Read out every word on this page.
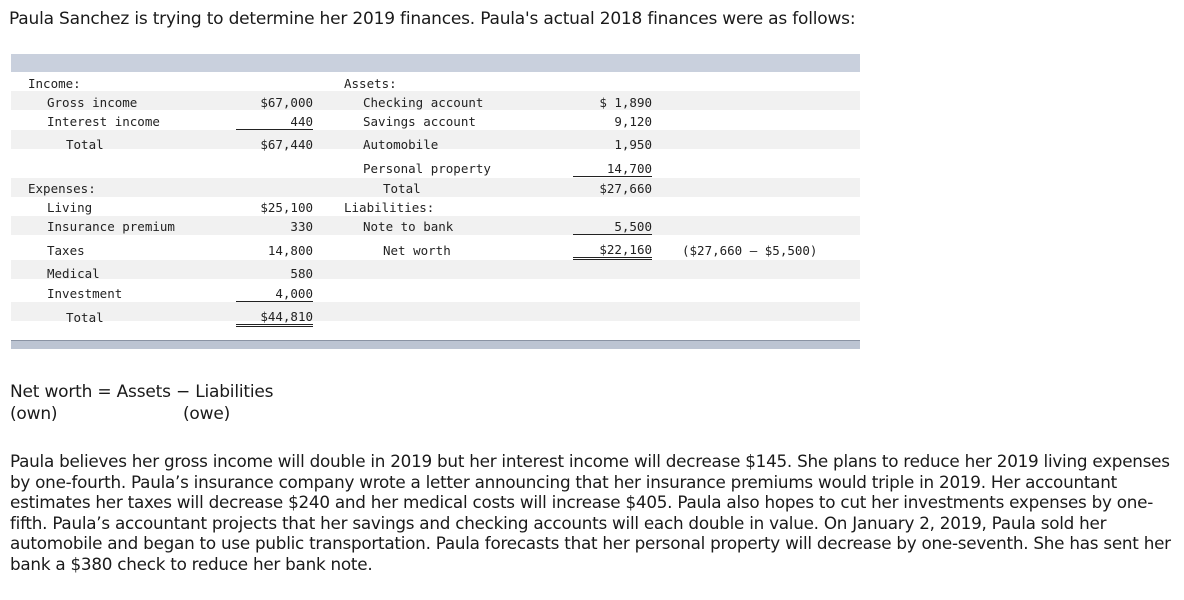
Paula Sanchez is trying to determine her 2019 finances. Paula's actual 2018 finances were as follows:
Income:
Gross income	$67,000
Interest income	440
Total	$67,440
Expenses:
Living	$25,100
Insurance premium	330
Taxes	14,800
Medical	580
Investment	4,000
Total	$44,810
Assets:
Checking account	$ 1,890
Savings account	9,120
Automobile	1,950
Personal property	14,700
Total	$27,660
Liabilities:
Note to bank	5,500
Net worth	$22,160 ($27,660 – $5,500)
Net worth = Assets − Liabilities
(own)	(owe)
Paula believes her gross income will double in 2019 but her interest income will decrease $145. She plans to reduce her 2019 living expenses by one-fourth. Paula’s insurance company wrote a letter announcing that her insurance premiums would triple in 2019. Her accountant estimates her taxes will decrease $240 and her medical costs will increase $405. Paula also hopes to cut her investments expenses by one-fifth. Paula’s accountant projects that her savings and checking accounts will each double in value. On January 2, 2019, Paula sold her automobile and began to use public transportation. Paula forecasts that her personal property will decrease by one-seventh. She has sent her bank a $380 check to reduce her bank note.
